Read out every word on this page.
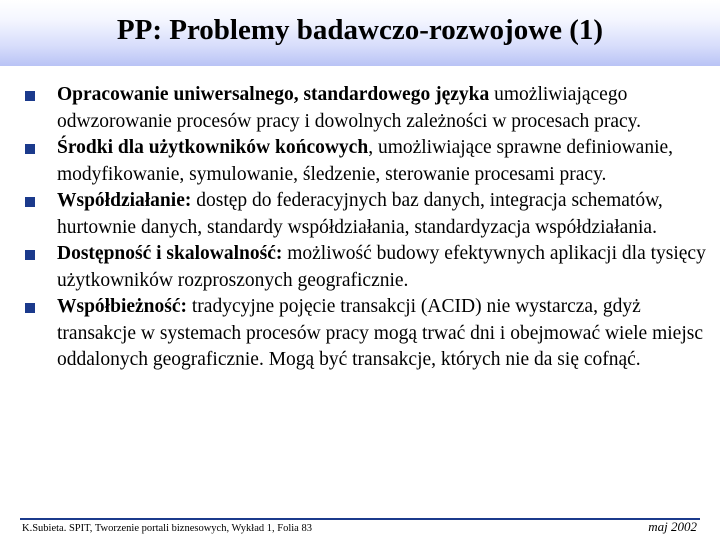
PP: Problemy badawczo-rozwojowe (1)
Opracowanie uniwersalnego, standardowego języka umożliwiającego odwzorowanie procesów pracy i dowolnych zależności w procesach pracy.
Środki dla użytkowników końcowych, umożliwiające sprawne definiowanie, modyfikowanie, symulowanie, śledzenie, sterowanie procesami pracy.
Współdziałanie: dostęp do federacyjnych baz danych, integracja schematów, hurtownie danych, standardy współdziałania, standardyzacja współdziałania.
Dostępność i skalowalność: możliwość budowy efektywnych aplikacji dla tysięcy użytkowników rozproszonych geograficznie.
Współbieżność: tradycyjne pojęcie transakcji (ACID) nie wystarcza, gdyż transakcje w systemach procesów pracy mogą trwać dni i obejmować wiele miejsc oddalonych geograficznie. Mogą być transakcje, których nie da się cofnąć.
K.Subieta. SPIT, Tworzenie portali biznesowych, Wykład 1, Folia 83	maj 2002
